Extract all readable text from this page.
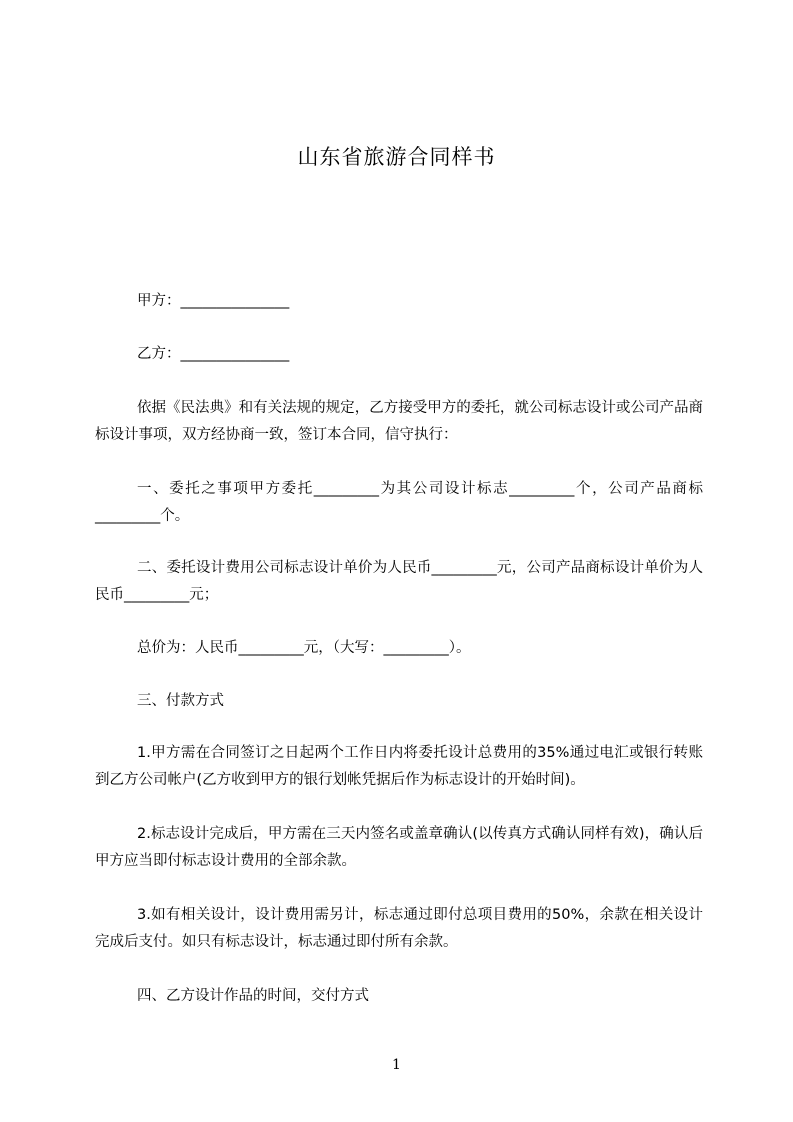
山东省旅游合同样书
甲方：_______________
乙方：_______________
依据《民法典》和有关法规的规定，乙方接受甲方的委托，就公司标志设计或公司产品商标设计事项，双方经协商一致，签订本合同，信守执行：
一、委托之事项甲方委托_________为其公司设计标志_________个，公司产品商标_________个。
二、委托设计费用公司标志设计单价为人民币_________元，公司产品商标设计单价为人民币_________元；
总价为：人民币_________元，（大写：_________）。
三、付款方式
1.甲方需在合同签订之日起两个工作日内将委托设计总费用的35%通过电汇或银行转账到乙方公司帐户(乙方收到甲方的银行划帐凭据后作为标志设计的开始时间)。
2.标志设计完成后，甲方需在三天内签名或盖章确认(以传真方式确认同样有效)，确认后甲方应当即付标志设计费用的全部余款。
3.如有相关设计，设计费用需另计，标志通过即付总项目费用的50%，余款在相关设计完成后支付。如只有标志设计，标志通过即付所有余款。
四、乙方设计作品的时间，交付方式
1
